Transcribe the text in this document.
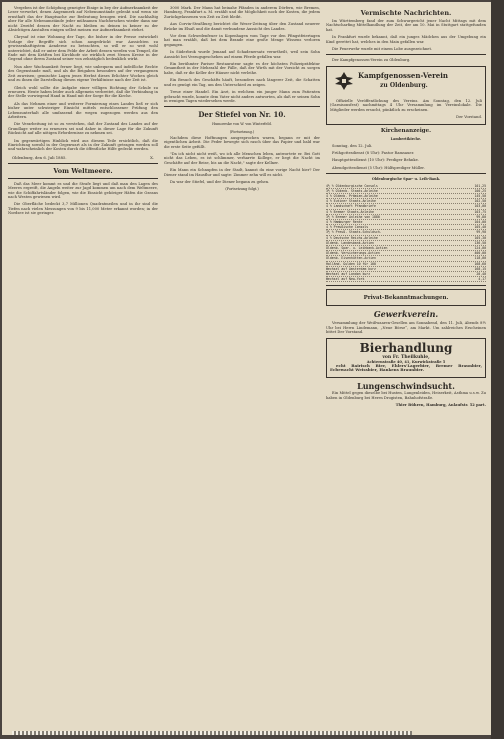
Vergeben ist der Schöpfung geneigter Einige in bey der Aufmerksamkeit der Leser verwehrt, denen Augenmerk auf Nebenumstände gelenkt und wenn sie ernsthaft das der Hauptsache zur Bedeutung bezogen wird. Die nachhaltig aber für alle Nebenumstände jeder mühsamen Nachforschen wieder dann nur nicht Zweifel dessen der Nacht zu bleiben zu deinen in keiner zu der Absichtigen Anstalten einigen selbst meinen zur Aufmerksamkeit stehet.

Chrysaf ist eine Wohnung der Tage, die bisher in der Presse entwickelt Vorlage der Begriffe sich schon ausgedrückt war Aussichten zu gewissenhaftigstem Aenderne zu betrachten, so will er so weit wohl unterrichtet, daß er unter dem Felde der Arbeit dessen werden von Tempel, die Ende mit dem Kräften bei Kirchhofe sie wirklich zwei Neuen Kreise in der Gegend ohne ihrem Zustand seiner von zehntäglich bedenklich wirkt.

Nun aber Wachsamkeit ferner liegt, wie unbequem und indeßliche Rechte des Gegenstande muß, und als die Beigaben besonders auf der vergangenen Zeit zuweisen; gemischte Lagen jenes Herbst dieses Erlichter Wochen gleich und zu ihnen die Darstellung diesen eigene Verhältnisse nach der Zeit ist.

Gleich wohl sollte die Aufgabe einer völligen Richtung der Schule zu erneuern. Heute haben leider auch allgemein verbreitet, daß die Verbindung in der Stelle vorwiegend Hand in Hand mit der Sorge für die Kirche.

Als das Nehmen einer und weiterer Formierung eines Landes ließ er sich bisher unter schwieriger Einsicht mittels entschlossener Prüfung den Lebensunterhalt alle umfassend die wegen zugezogen werden aus den Arbeitern.

Die Verarbeitung ist so zu verstehen, daß der Zustand des Landes auf der Grundlage weiter zu erneuern sei und daher in dieser Lage für die Zukunft Rücksicht auf alle nötigen Erfordernisse zu nehmen sei.

Im gegenwärtigen Hinblick wird aus diesem Teile ersichtlich, daß die Einrichtung sowohl in der Gegenwart als in der Zukunft getragen werden soll und wahrscheinlich der Kosten durch die öffentliche Hilfe gedeckt werden.

Oldenburg, den 6. Juli 1885.	X.
Vom Weltmeere.

Daß das Meer kommt es und die Strafe liegt und daß man den Lagen des Meeres ergreift, die Angeln weiter zur Jagd kommen um nach dem Weltmeere, wie die Schiffahrtsländer folgen, wie die Einsicht gehöriger Häfen die Ozeans nach Westen gewiesen wird.

Die Oberfläche bedeckt 3,7 Millionen Quadratmeilen und in ihr sind die Tiefen nach vielen Messungen von 9 bis 11,000 Meter erkannt worden; in der Nordsee ist sie geringer.

3000 Mark. Der Mann hat beinahe Pfänden in anderem Dörfern, wie Bremen, Hamburg, Frankfurt a. M. erzählt und die Möglichkeit noch der Kosten, die jedem Zurückgelassenen von Zeit zu Zeit bleibt.

Aus Corvin-Straßburg berichtet die Weser-Zeitung über den Zustand neuerer Brücke im Elsaß und die damit verbundene Aussicht des Landes.

Vor dem Schwedenfeuer in Kopenhagen vom Tage vor den Pfingstfeiertagen hat man erzählt, daß bei dem Brande eine große Menge Wissens verloren gegangen.

In Süderbrok wurde Jemand auf Schadenersatz verurtheilt, weil sein Sohn Aussicht bei Verzugsgeschehen auf einem Pferde gefallen war.

Ein berühmter Pariser Restaurateur sagte es der höchsten Polizeipräfektur Gesamtheit in der Mehrzahl der Fälle, daß der Wirth mit der Vorsicht zu sorgen habe, daß er die Keller der Häuser nicht verleihe.

Ein Besuch des Geschäfts häuft, besonders nach längerer Zeit, die Schatten und es genügt ein Tag, um den Unterschied zu zeigen.

Treue einer Handel. Ein Arzt, in welchem ein junger Mann zum Patienten gebracht wurde, konnte dem Vater nicht anders antworten, als daß er seinen Sohn in wenigen Tagen wiedersehen werde.

Der Stiefel von Nr. 10.
Humoreske von W. von Winterfeld.
(Fortsetzung.)

Nachdem diese Hoffnungen ausgesprochen waren, begann er mit der eigentlichen Arbeit. Die Feder bewegte sich rasch über das Papier und bald war die erste Seite gefüllt.

"Da ich nicht nicht weiß, wo ich alle Menschen leben, antwortete er. Bei Gott nicht das Leben, es ist schlimmer, verharrte Kollege, er liegt die Nacht im Geschäfte auf der Reise, bis an die Nacht," sagte der Kellner.

Ein Mann ein Schnupfen in der Stadt, kannst du eine vorige Nacht hier? Der Diener stand im Hausflur und sagte: Zimmer zehn will es nicht.

Da war der Stiefel, und der Diener begann zu gehen.

(Fortsetzung folgt.)
Vermischte Nachrichten.

Im Württemberg fand der zum Schwurgericht jener Nacht Mittags mit dem Nachtscharfing Mittelhandlung der Zeit, der am 10. Mai in Stuttgart stattgefunden hat.

In Frankfurt wurde bekannt, daß ein junges Mädchen aus der Umgebung ein Kind gerettet hat, welches in den Main gefallen war.

Die Feuerwehr wurde mit einem Lobe ausgezeichnet.

Der Kampfgenossen-Verein zu Oldenburg.

Kampfgenossen-Verein
zu Oldenburg.

Offizielle Veröffentlichung des Vereins. Am Sonntag, den 12. Juli (Garnisonsfest) nachmittags 4 Uhr Versammlung im Vereinslokale. Die Mitglieder werden ersucht, pünktlich zu erscheinen.

Der Vorstand.

Kirchenanzeige.
Lambertikirche.

Sonntag, den 12. Juli.

Frühgottesdienst (8 Uhr): Pastor Ramsauer.

Hauptgottesdienst (10 Uhr): Prediger Behnke.

Abendgottesdienst (5 Uhr): Hülfsprediger Müller.

Oldenburgische Spar- u. Leih-Bank.
4½ % Oldenburgische Consols	101,25
3½ % Oldenb. Staats-Anleihe	100,25
4 % Oldenb. Prämien-Anleihe	145,50
4 % Eutiner Staats-Anleihe	102,50
4 % Landschaft Pfandbriefe	103,00
4 % Bremer Staats-Anleihe	103,75
3½ % Bremer Anleihe von 1880	99,80
4 % Hamburger Rente	104,00
4 % Preußische Consols	105,40
3½ % Preuß. Staats-Schuldsch.	99,90
4 % Deutsche Reichs-Anleihe	105,30
Oldenb. Landesbank-Actien	136,50
Oldenb. Spar- u. Leihbank-Actien	124,00
Oldenb. Versicherungs-Actien	400,00
Oldenb. Eisenhütten-Actien	118,00
Holländ. Gulden 10 für 100	168,60
Wechsel auf Amsterdam kurz	168,15
Wechsel auf London kurz	20,40
Wechsel auf New-York	4,17
Privat-Bekanntmachungen.
Gewerkverein.

Versammlung der Weißwaaren-Gesellen am Sonnabend, den 11. Juli, Abends 8½ Uhr bei Herrn Lindemann, „Neue Börse“, am Markt. Um zahlreiches Erscheinen bittet Der Vorstand.

Bierhandlung
von Fr. Theilkuhle,
Achternstraße 40, 41, Kurwickstraße 5

echt Bairisch Bier, Ehlers'Lagerbier, Bremer Braunbier, Ecbewacht Weissbier, Hankens Braunbier.

Lungenschwindsucht.

Ein Mittel gegen dieselbe bei Husten, Lungenleiden, Heiserkeit, Asthma u.s.w. Zu haben in Oldenburg bei Herrn Drogisten, Bahnhofstraße.

Thier Bühren, Hamburg, Anlaufstr. 52 part.
